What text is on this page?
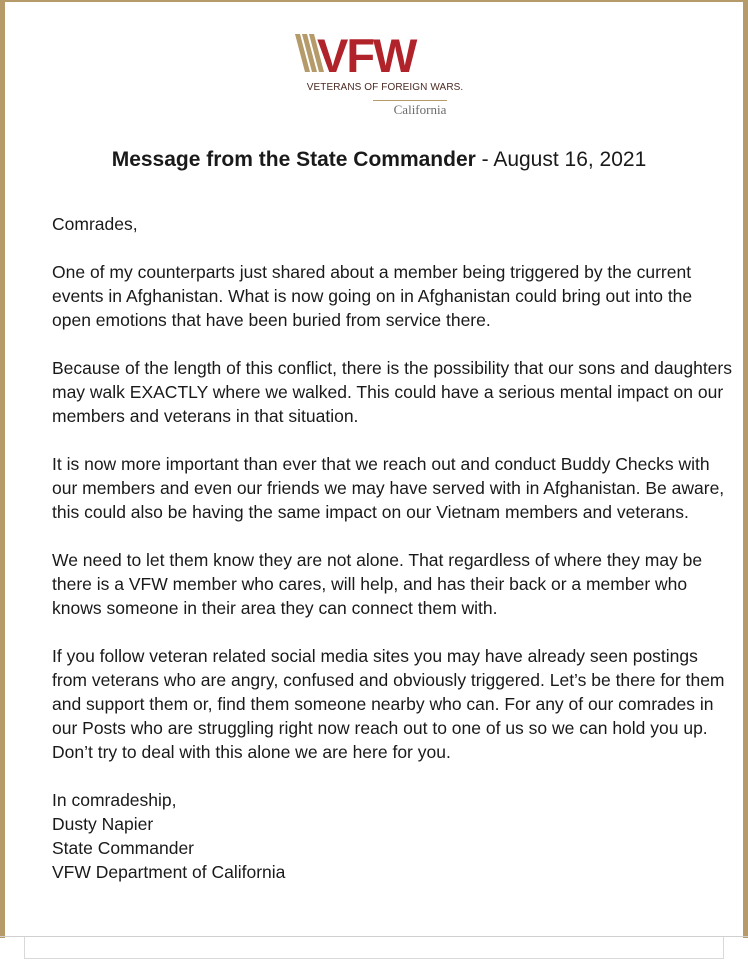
VFW
VETERANS OF FOREIGN WARS.
California
Message from the State Commander - August 16, 2021

Comrades,

One of my counterparts just shared about a member being triggered by the current events in Afghanistan. What is now going on in Afghanistan could bring out into the open emotions that have been buried from service there.

Because of the length of this conflict, there is the possibility that our sons and daughters may walk EXACTLY where we walked. This could have a serious mental impact on our members and veterans in that situation.

It is now more important than ever that we reach out and conduct Buddy Checks with our members and even our friends we may have served with in Afghanistan. Be aware, this could also be having the same impact on our Vietnam members and veterans.

We need to let them know they are not alone. That regardless of where they may be there is a VFW member who cares, will help, and has their back or a member who knows someone in their area they can connect them with.

If you follow veteran related social media sites you may have already seen postings from veterans who are angry, confused and obviously triggered. Let’s be there for them and support them or, find them someone nearby who can. For any of our comrades in our Posts who are struggling right now reach out to one of us so we can hold you up. Don’t try to deal with this alone we are here for you.

In comradeship,
Dusty Napier
State Commander
VFW Department of California
